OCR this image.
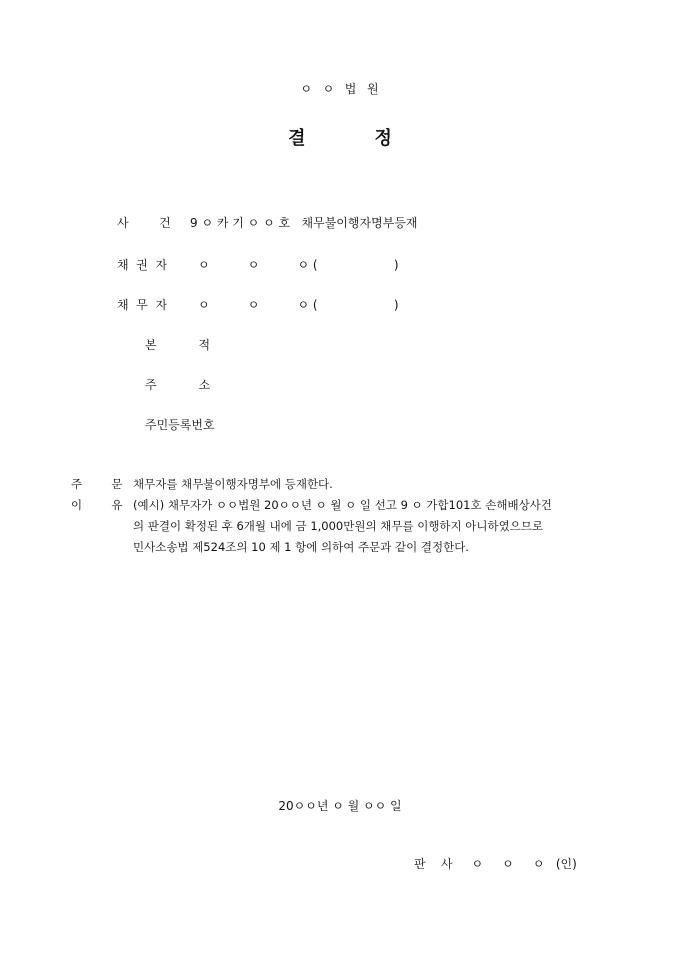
ㅇ  ㅇ  법  원
결           정
사        건 9 ㅇ 카 기 ㅇ ㅇ 호   채무불이행자명부등재
채  권  자	ㅇ          ㅇ          ㅇ (                    )
채  무  자	ㅇ          ㅇ          ㅇ (                    )
본           적
주           소
주민등록번호
주        문 채무자를 채무불이행자명부에 등재한다.
이        유 (예시) 채무자가 ㅇㅇ법원 20ㅇㅇ년 ㅇ 월 ㅇ 일 선고 9 ㅇ 가합101호 손해배상사건
의 판결이 확정된 후 6개월 내에 금 1,000만원의 채무를 이행하지 아니하였으므로
민사소송법 제524조의 10 제 1 항에 의하여 주문과 같이 결정한다.
20ㅇㅇ년 ㅇ 월 ㅇㅇ 일
판    사     ㅇ     ㅇ     ㅇ   (인)
